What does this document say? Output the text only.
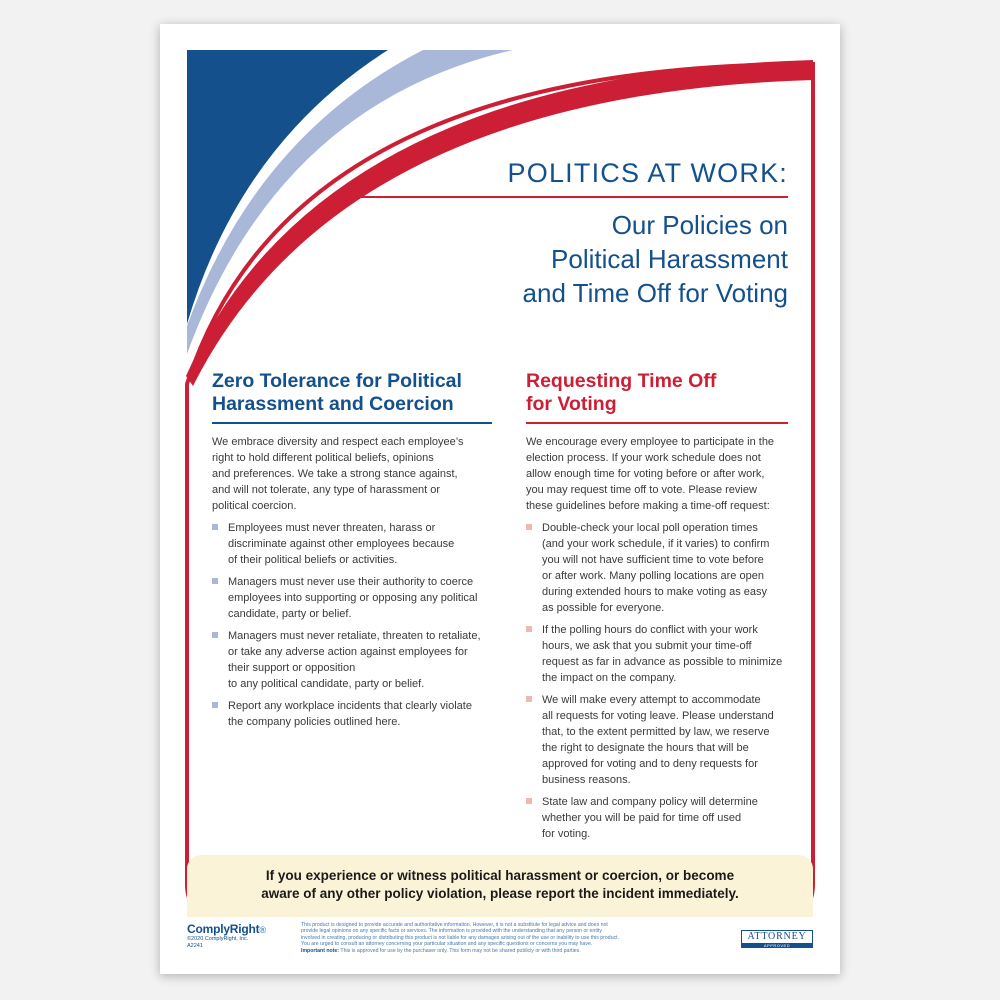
POLITICS AT WORK:
Our Policies on
Political Harassment
and Time Off for Voting
Zero Tolerance for Political
Harassment and Coercion
We embrace diversity and respect each employee’s
right to hold different political beliefs, opinions
and preferences. We take a strong stance against,
and will not tolerate, any type of harassment or
political coercion.
Employees must never threaten, harass or
discriminate against other employees because
of their political beliefs or activities.
Managers must never use their authority to coerce
employees into supporting or opposing any political
candidate, party or belief.
Managers must never retaliate, threaten to retaliate,
or take any adverse action against employees for
their support or opposition
to any political candidate, party or belief.
Report any workplace incidents that clearly violate
the company policies outlined here.
Requesting Time Off
for Voting
We encourage every employee to participate in the
election process. If your work schedule does not
allow enough time for voting before or after work,
you may request time off to vote. Please review
these guidelines before making a time-off request:
Double-check your local poll operation times
(and your work schedule, if it varies) to confirm
you will not have sufficient time to vote before
or after work. Many polling locations are open
during extended hours to make voting as easy
as possible for everyone.
If the polling hours do conflict with your work
hours, we ask that you submit your time-off
request as far in advance as possible to minimize
the impact on the company.
We will make every attempt to accommodate
all requests for voting leave. Please understand
that, to the extent permitted by law, we reserve
the right to designate the hours that will be
approved for voting and to deny requests for
business reasons.
State law and company policy will determine
whether you will be paid for time off used
for voting.
If you experience or witness political harassment or coercion, or become
aware of any other policy violation, please report the incident immediately.
ComplyRight®
©2020 ComplyRight, Inc.
A2241
This product is designed to provide accurate and authoritative information. However, it is not a substitute for legal advice and does not
provide legal opinions on any specific facts or services. The information is provided with the understanding that any person or entity
involved in creating, producing or distributing this product is not liable for any damages arising out of the use or inability to use this product.
You are urged to consult an attorney concerning your particular situation and any specific questions or concerns you may have.
Important note: This is approved for use by the purchaser only. This form may not be shared publicly or with third parties.
ATTORNEY
APPROVED
